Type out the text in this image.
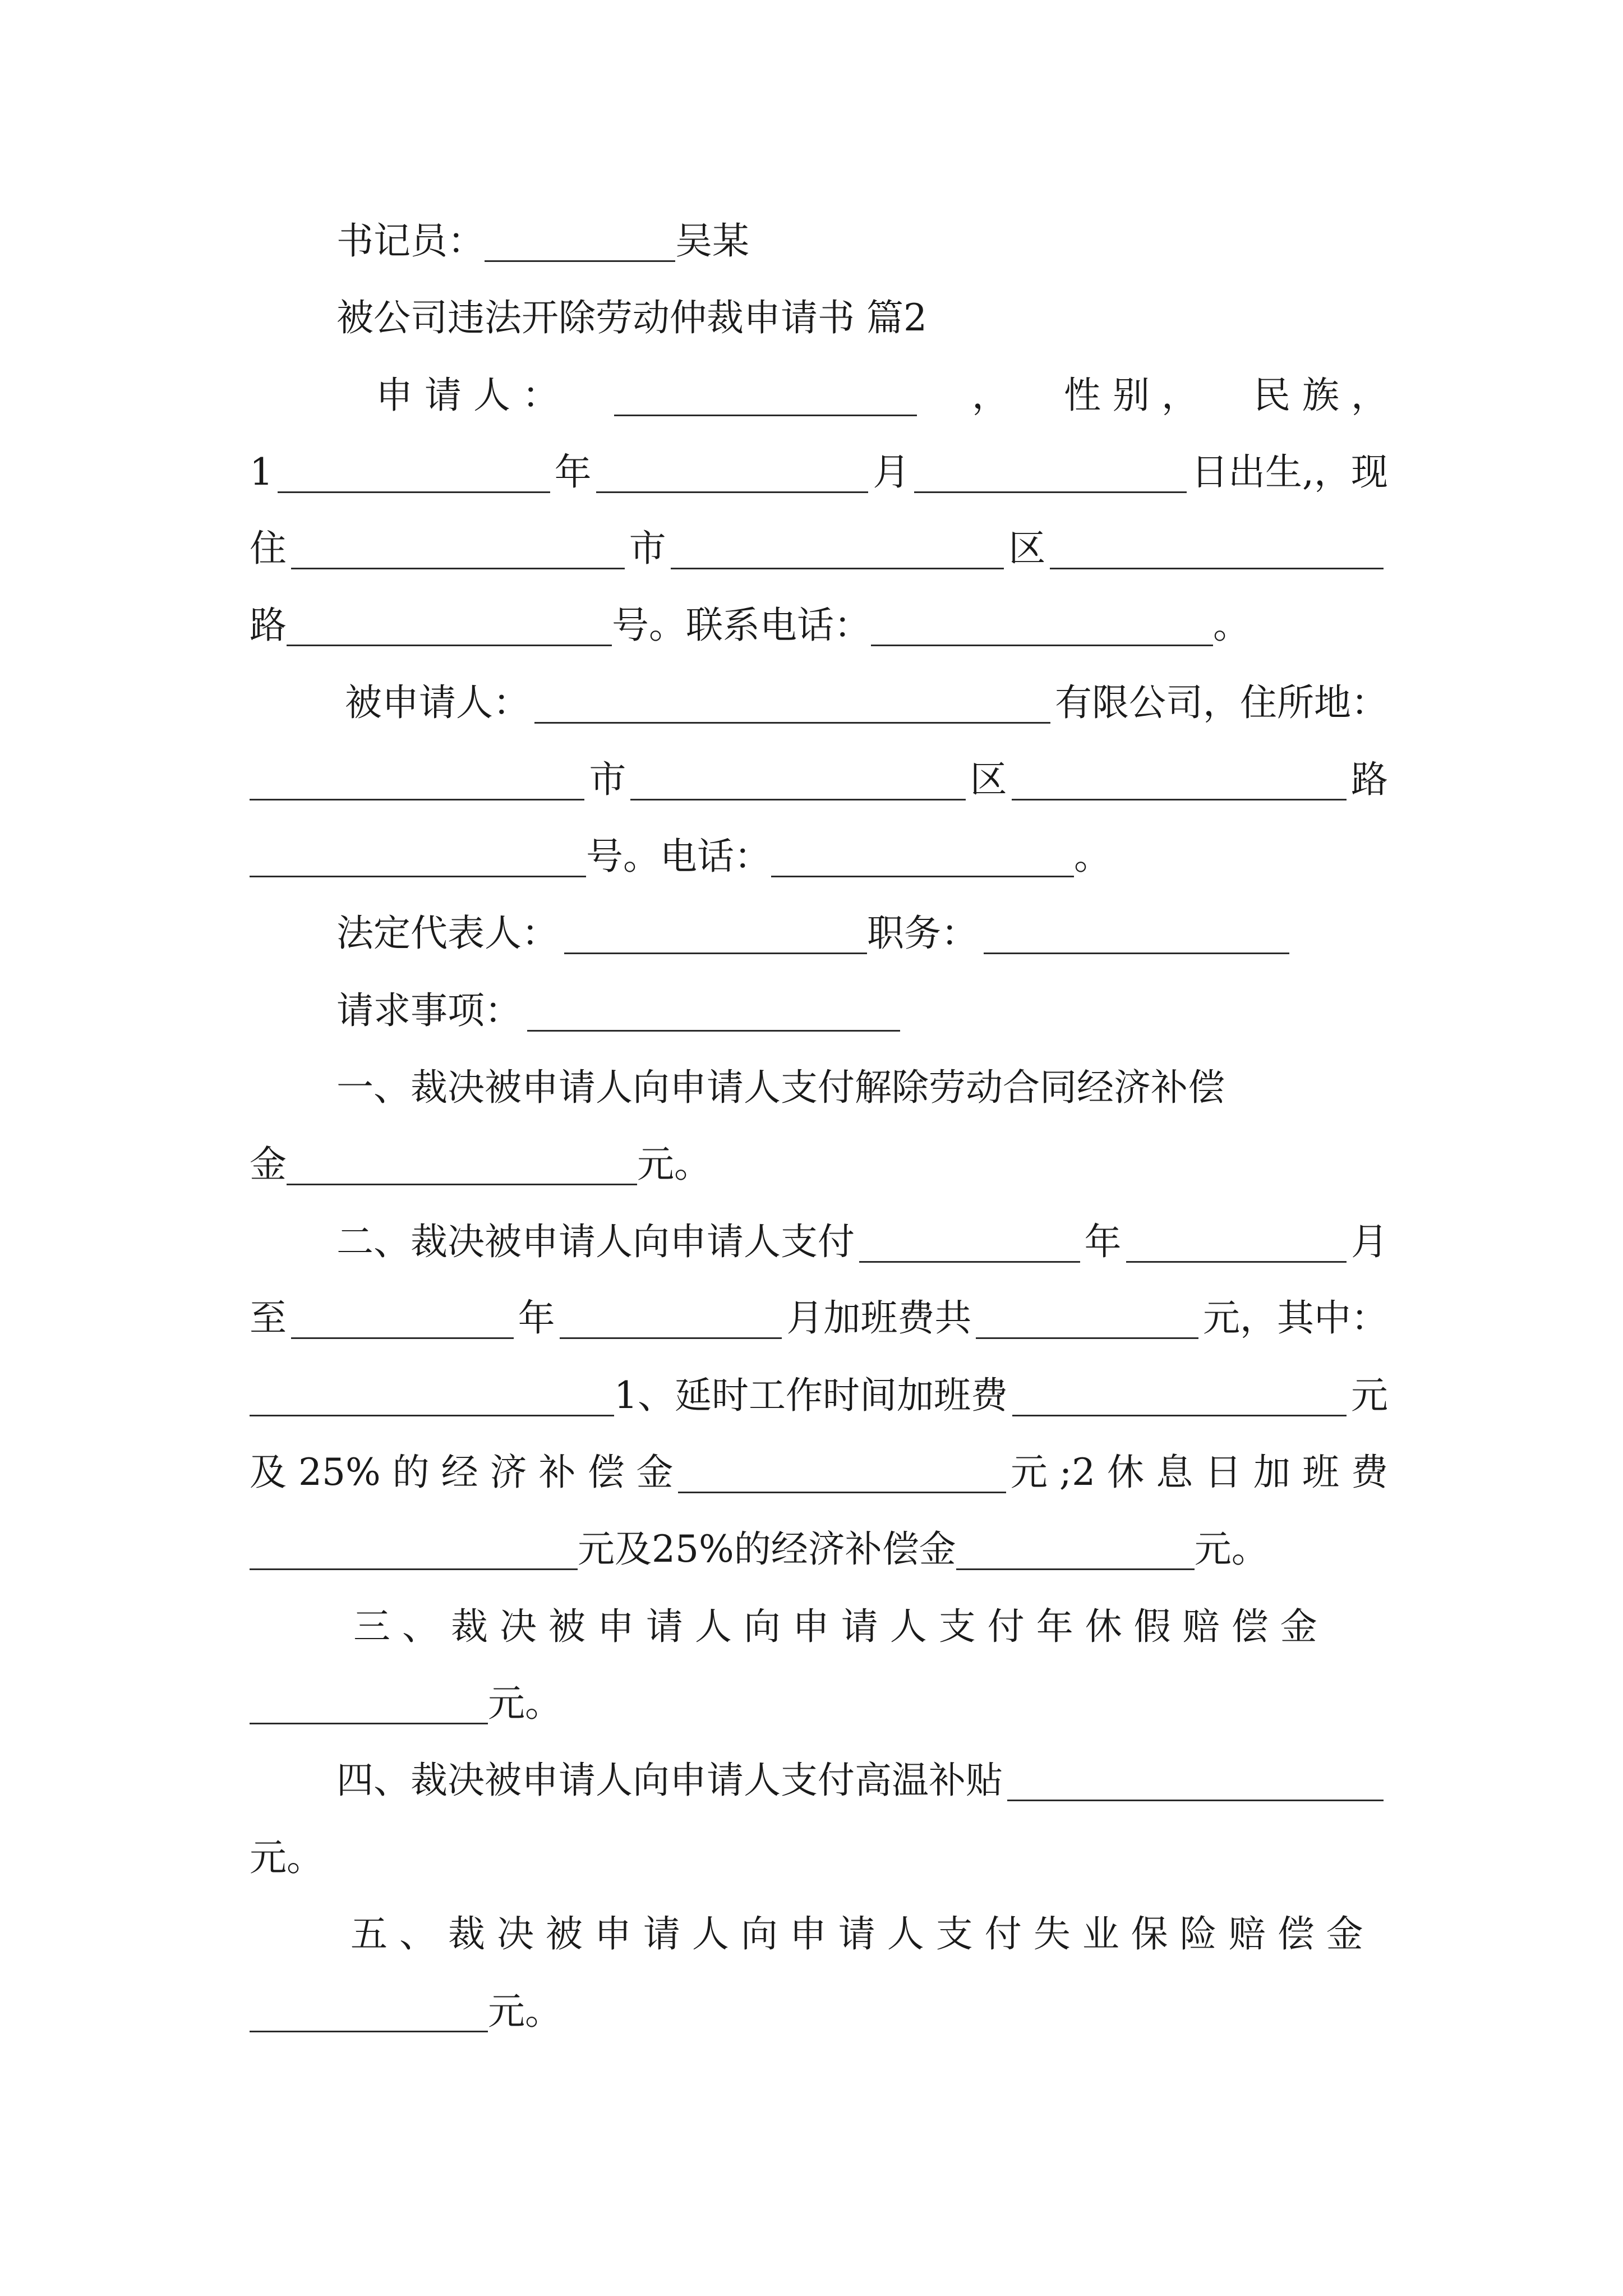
书记员：	吴某
被公司违法开除劳动仲裁申请书 篇2
申 请 人 ：	， 性 别 ， 民 族 ，
1	年	月	日出生,，现
住	市	区
路	号。联系电话：	。
被申请人：	有限公司，住所地：
市	区	路
号。电话：	。
法定代表人：	职务：
请求事项：
一、裁决被申请人向申请人支付解除劳动合同经济补偿
金	元。
二、裁决被申请人向申请人支付	年	月
至	年	月加班费共	元，其中：
1、延时工作时间加班费	元
及 25% 的 经 济 补 偿 金	元 ;2 休 息 日 加 班 费
元及25%的经济补偿金	元。
三 、 裁 决 被 申 请 人 向 申 请 人 支 付 年 休 假 赔 偿 金
元。
四、裁决被申请人向申请人支付高温补贴
元。
五 、 裁 决 被 申 请 人 向 申 请 人 支 付 失 业 保 险 赔 偿 金
元。
